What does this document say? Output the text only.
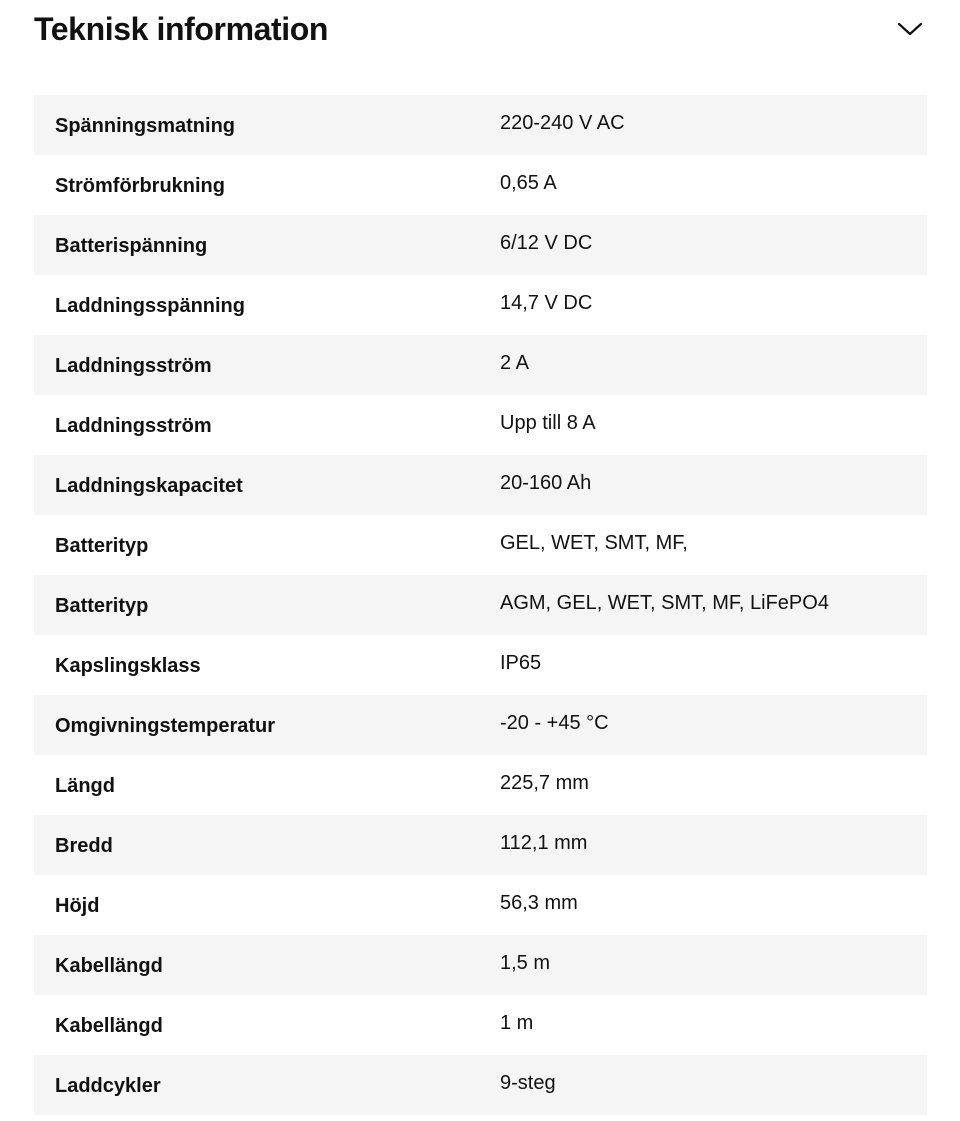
Teknisk information
Spänningsmatning	220-240 V AC
Strömförbrukning	0,65 A
Batterispänning	6/12 V DC
Laddningsspänning	14,7 V DC
Laddningsström	2 A
Laddningsström	Upp till 8 A
Laddningskapacitet	20-160 Ah
Batterityp	GEL, WET, SMT, MF,
Batterityp	AGM, GEL, WET, SMT, MF, LiFePO4
Kapslingsklass	IP65
Omgivningstemperatur	-20 - +45 °C
Längd	225,7 mm
Bredd	112,1 mm
Höjd	56,3 mm
Kabellängd	1,5 m
Kabellängd	1 m
Laddcykler	9-steg
